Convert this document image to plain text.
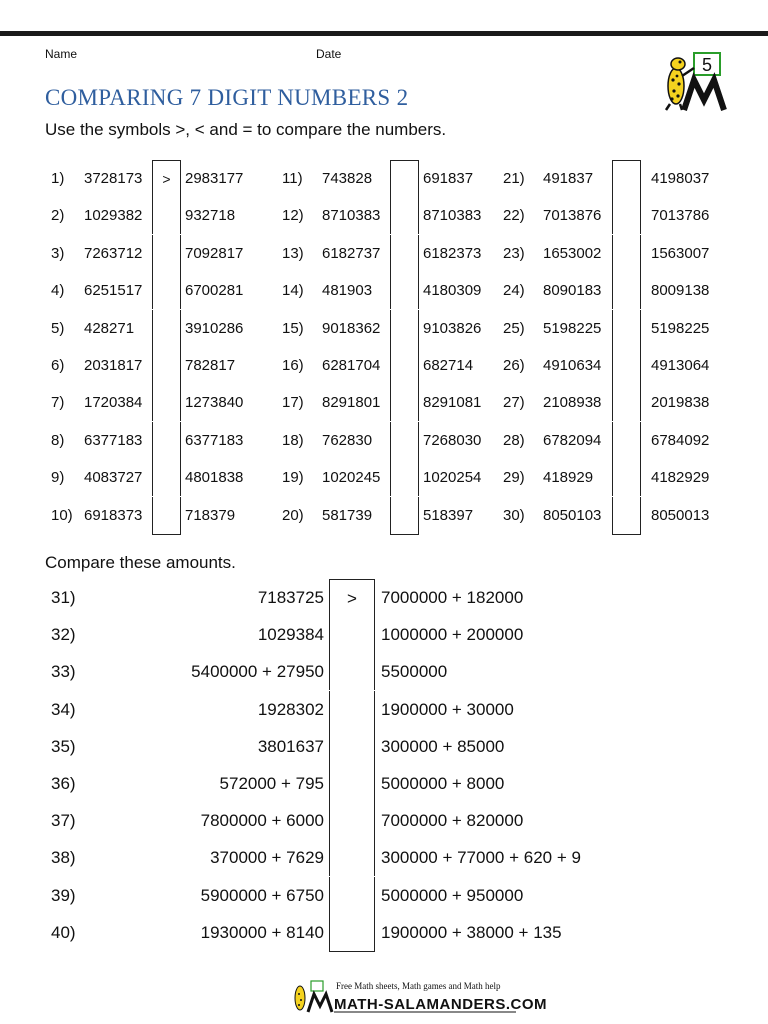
Name	Date
5
COMPARING 7 DIGIT NUMBERS 2

Use the symbols >, < and = to compare the numbers.

1) 3728173	> 2983177
2) 1029382	932718
3) 7263712	7092817
4) 6251517	6700281
5) 428271	3910286
6) 2031817	782817
7) 1720384	1273840
8) 6377183	6377183
9) 4083727	4801838
10) 6918373	718379
11) 743828	691837
12) 8710383	8710383
13) 6182737	6182373
14) 481903	4180309
15) 9018362	9103826
16) 6281704	682714
17) 8291801	8291081
18) 762830	7268030
19) 1020245	1020254
20) 581739	518397
21) 491837	4198037
22) 7013876	7013786
23) 1653002	1563007
24) 8090183	8009138
25) 5198225	5198225
26) 4910634	4913064
27) 2108938	2019838
28) 6782094	6784092
29) 418929	4182929
30) 8050103	8050013

Compare these amounts.

31)	7183725	>	7000000 + 182000
32)	1029384	1000000 + 200000
33)	5400000 + 27950	5500000
34)	1928302	1900000 + 30000
35)	3801637	300000 + 85000
36)	572000 + 795	5000000 + 8000
37)	7800000 + 6000	7000000 + 820000
38)	370000 + 7629	300000 + 77000 + 620 + 9
39)	5900000 + 6750	5000000 + 950000
40)	1930000 + 8140	1900000 + 38000 + 135
Free Math sheets, Math games and Math help
MATH-SALAMANDERS.COM
